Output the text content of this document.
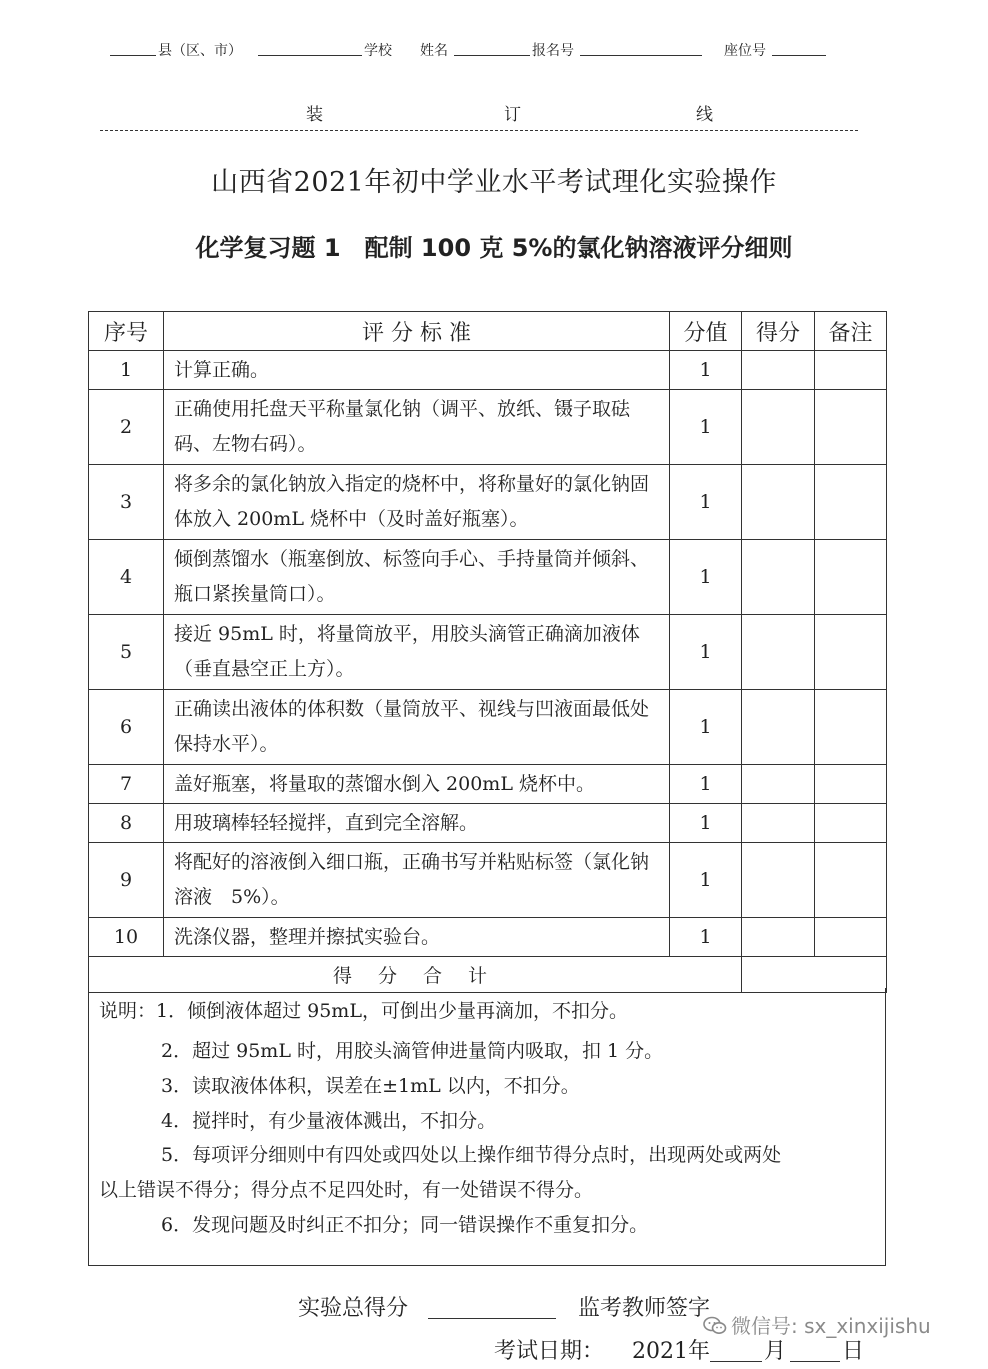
县（区、市）	学校 姓名	报名号	座位号
装	订	线
山西省2021年初中学业水平考试理化实验操作
化学复习题 1　配制 100 克 5%的氯化钠溶液评分细则
序号	评 分 标 准	分值	得分	备注
1	计算正确。	1		
2	正确使用托盘天平称量氯化钠（调平、放纸、镊子取砝码、左物右码）。	1		
3	将多余的氯化钠放入指定的烧杯中，将称量好的氯化钠固体放入 200mL 烧杯中（及时盖好瓶塞）。	1		
4	倾倒蒸馏水（瓶塞倒放、标签向手心、手持量筒并倾斜、瓶口紧挨量筒口）。	1		
5	接近 95mL 时，将量筒放平，用胶头滴管正确滴加液体（垂直悬空正上方）。	1		
6	正确读出液体的体积数（量筒放平、视线与凹液面最低处保持水平）。	1		
7	盖好瓶塞，将量取的蒸馏水倒入 200mL 烧杯中。	1		
8	用玻璃棒轻轻搅拌，直到完全溶解。	1		
9	将配好的溶液倒入细口瓶，正确书写并粘贴标签（氯化钠溶液　5%）。	1		
10	洗涤仪器，整理并擦拭实验台。	1		
得 分 合 计				
说明：1．倾倒液体超过 95mL，可倒出少量再滴加，不扣分。
2．超过 95mL 时，用胶头滴管伸进量筒内吸取，扣 1 分。
3．读取液体体积，误差在±1mL 以内，不扣分。
4．搅拌时，有少量液体溅出，不扣分。
5．每项评分细则中有四处或四处以上操作细节得分点时，出现两处或两处
以上错误不得分；得分点不足四处时，有一处错误不得分。
6．发现问题及时纠正不扣分；同一错误操作不重复扣分。
实验总得分	监考教师签字
考试日期： 2021年 月	日
微信号: sx_xinxijishu
